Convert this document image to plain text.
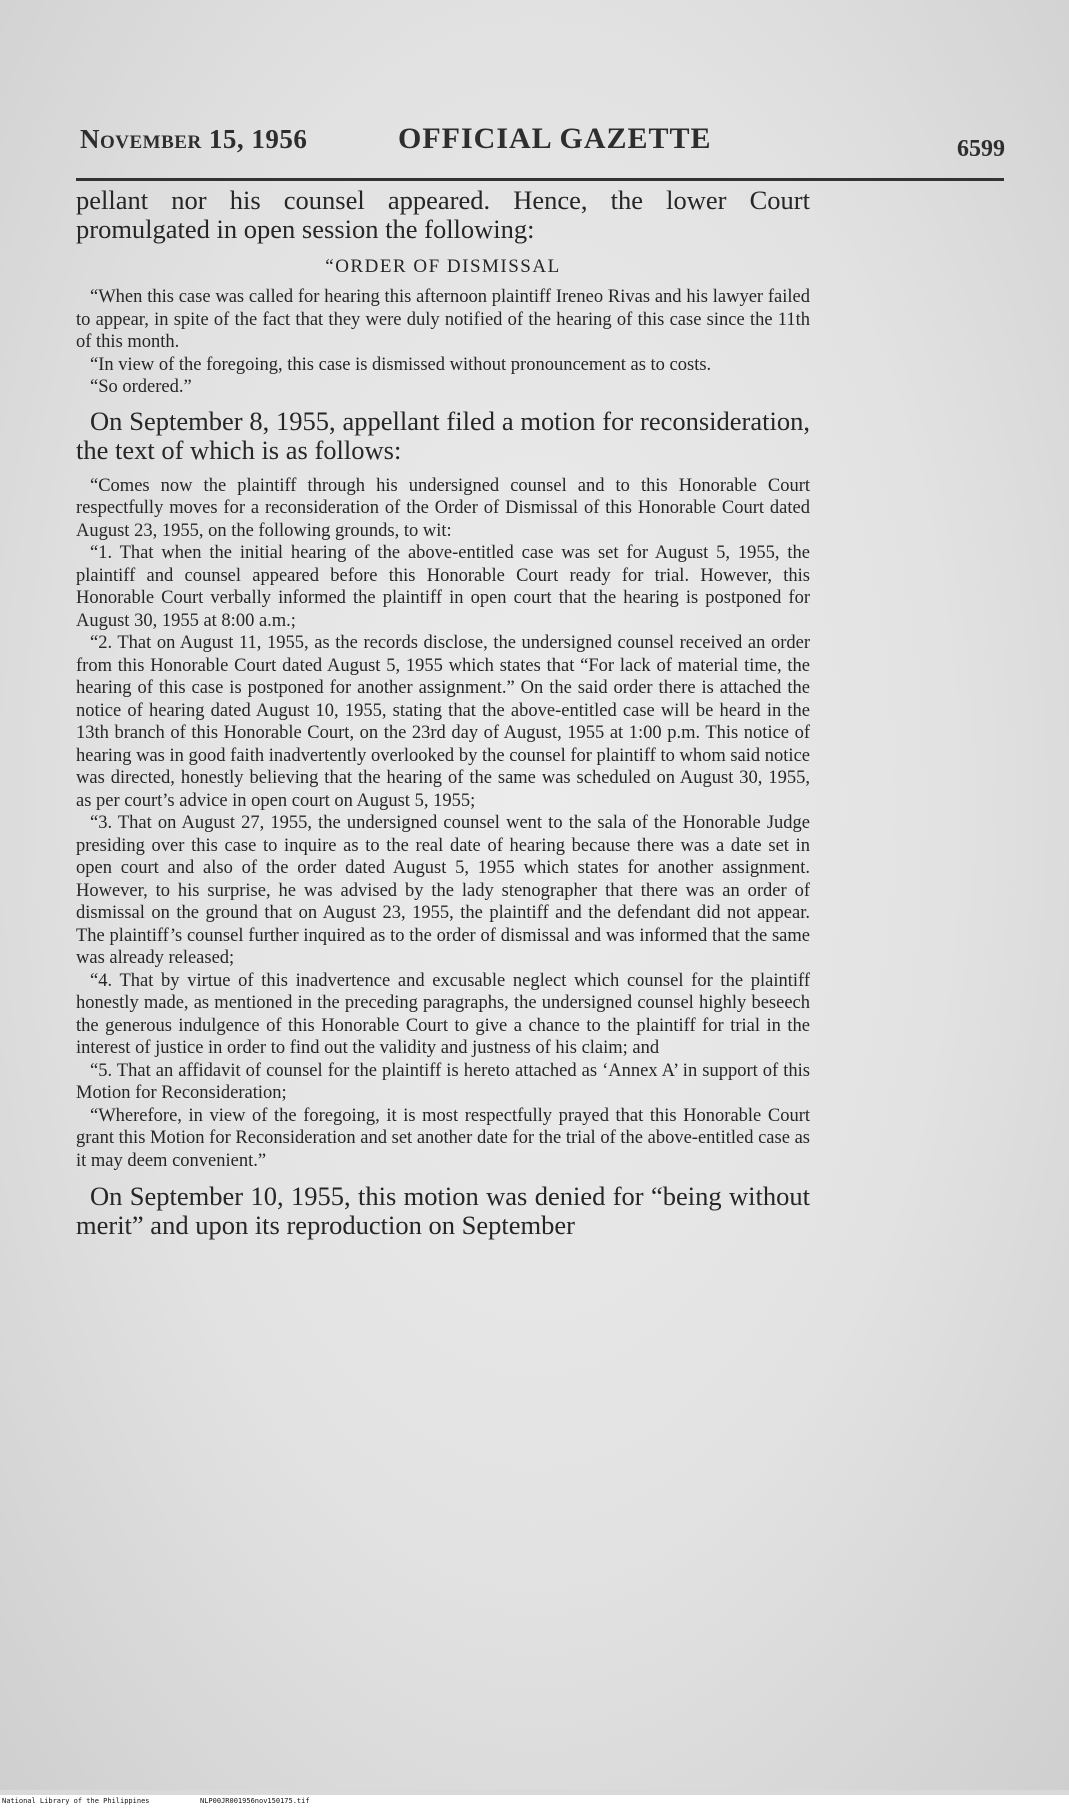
November 15, 1956	OFFICIAL GAZETTE	6599

pellant nor his counsel appeared. Hence, the lower Court promulgated in open session the following:

“ORDER OF DISMISSAL

“When this case was called for hearing this afternoon plaintiff Ireneo Rivas and his lawyer failed to appear, in spite of the fact that they were duly notified of the hearing of this case since the 11th of this month.

“In view of the foregoing, this case is dismissed without pronouncement as to costs.

“So ordered.”

On September 8, 1955, appellant filed a motion for reconsideration, the text of which is as follows:

“Comes now the plaintiff through his undersigned counsel and to this Honorable Court respectfully moves for a reconsideration of the Order of Dismissal of this Honorable Court dated August 23, 1955, on the following grounds, to wit:

“1. That when the initial hearing of the above-entitled case was set for August 5, 1955, the plaintiff and counsel appeared before this Honorable Court ready for trial. However, this Honorable Court verbally informed the plaintiff in open court that the hearing is postponed for August 30, 1955 at 8:00 a.m.;

“2. That on August 11, 1955, as the records disclose, the undersigned counsel received an order from this Honorable Court dated August 5, 1955 which states that “For lack of material time, the hearing of this case is postponed for another assignment.” On the said order there is attached the notice of hearing dated August 10, 1955, stating that the above-entitled case will be heard in the 13th branch of this Honorable Court, on the 23rd day of August, 1955 at 1:00 p.m. This notice of hearing was in good faith inadvertently overlooked by the counsel for plaintiff to whom said notice was directed, honestly believing that the hearing of the same was scheduled on August 30, 1955, as per court’s advice in open court on August 5, 1955;

“3. That on August 27, 1955, the undersigned counsel went to the sala of the Honorable Judge presiding over this case to inquire as to the real date of hearing because there was a date set in open court and also of the order dated August 5, 1955 which states for another assignment. However, to his surprise, he was advised by the lady stenographer that there was an order of dismissal on the ground that on August 23, 1955, the plaintiff and the defendant did not appear. The plaintiff’s counsel further inquired as to the order of dismissal and was informed that the same was already released;

“4. That by virtue of this inadvertence and excusable neglect which counsel for the plaintiff honestly made, as mentioned in the preceding paragraphs, the undersigned counsel highly beseech the generous indulgence of this Honorable Court to give a chance to the plaintiff for trial in the interest of justice in order to find out the validity and justness of his claim; and

“5. That an affidavit of counsel for the plaintiff is hereto attached as ‘Annex A’ in support of this Motion for Reconsideration;

“Wherefore, in view of the foregoing, it is most respectfully prayed that this Honorable Court grant this Motion for Reconsideration and set another date for the trial of the above-entitled case as it may deem convenient.”

On September 10, 1955, this motion was denied for “being without merit” and upon its reproduction on September

National Library of the Philippines	NLP00JR001956nov150175.tif
